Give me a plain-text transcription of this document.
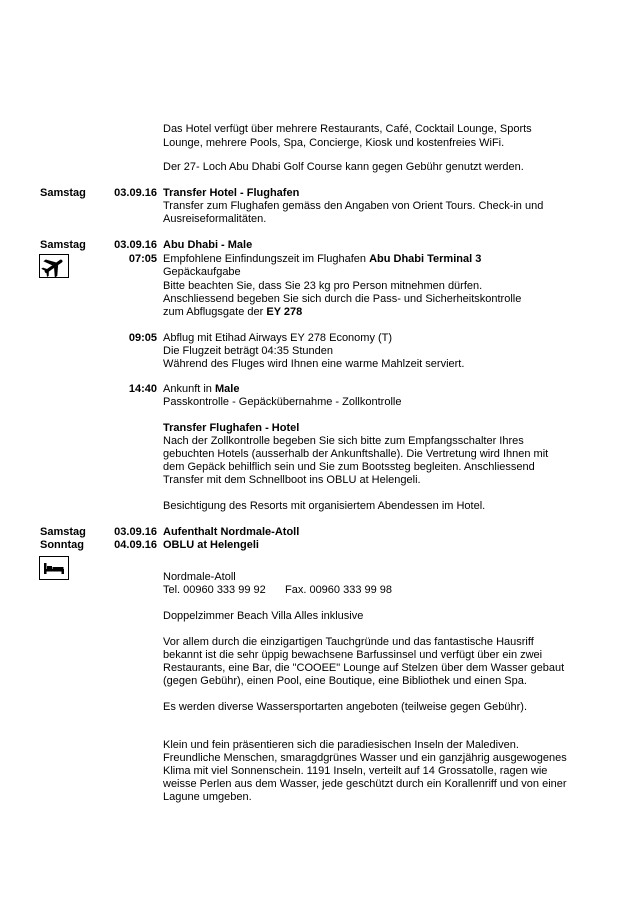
Das Hotel verfügt über mehrere Restaurants, Café, Cocktail Lounge, Sports
Lounge, mehrere Pools, Spa, Concierge, Kiosk und kostenfreies WiFi.
Der 27- Loch Abu Dhabi Golf Course kann gegen Gebühr genutzt werden.
Samstag	03.09.16 Transfer Hotel - Flughafen
Transfer zum Flughafen gemäss den Angaben von Orient Tours. Check-in und
Ausreiseformalitäten.
Samstag	03.09.16 Abu Dhabi - Male
07:05 Empfohlene Einfindungszeit im Flughafen Abu Dhabi Terminal 3
Gepäckaufgabe
Bitte beachten Sie, dass Sie 23 kg pro Person mitnehmen dürfen.
Anschliessend begeben Sie sich durch die Pass- und Sicherheitskontrolle
zum Abflugsgate der EY 278
09:05 Abflug mit Etihad Airways EY 278 Economy (T)
Die Flugzeit beträgt 04:35 Stunden
Während des Fluges wird Ihnen eine warme Mahlzeit serviert.
14:40 Ankunft in Male
Passkontrolle - Gepäckübernahme - Zollkontrolle
Transfer Flughafen - Hotel
Nach der Zollkontrolle begeben Sie sich bitte zum Empfangsschalter Ihres
gebuchten Hotels (ausserhalb der Ankunftshalle). Die Vertretung wird Ihnen mit
dem Gepäck behilflich sein und Sie zum Bootssteg begleiten. Anschliessend
Transfer mit dem Schnellboot ins OBLU at Helengeli.
Besichtigung des Resorts mit organisiertem Abendessen im Hotel.
Samstag	03.09.16 Aufenthalt Nordmale-Atoll
Sonntag	04.09.16 OBLU at Helengeli
Nordmale-Atoll
Tel. 00960 333 99 92 Fax. 00960 333 99 98
Doppelzimmer Beach Villa Alles inklusive
Vor allem durch die einzigartigen Tauchgründe und das fantastische Hausriff
bekannt ist die sehr üppig bewachsene Barfussinsel und verfügt über ein zwei
Restaurants, eine Bar, die "COOEE" Lounge auf Stelzen über dem Wasser gebaut
(gegen Gebühr), einen Pool, eine Boutique, eine Bibliothek und einen Spa.
Es werden diverse Wassersportarten angeboten (teilweise gegen Gebühr).
Klein und fein präsentieren sich die paradiesischen Inseln der Malediven.
Freundliche Menschen, smaragdgrünes Wasser und ein ganzjährig ausgewogenes
Klima mit viel Sonnenschein. 1191 Inseln, verteilt auf 14 Grossatolle, ragen wie
weisse Perlen aus dem Wasser, jede geschützt durch ein Korallenriff und von einer
Lagune umgeben.
